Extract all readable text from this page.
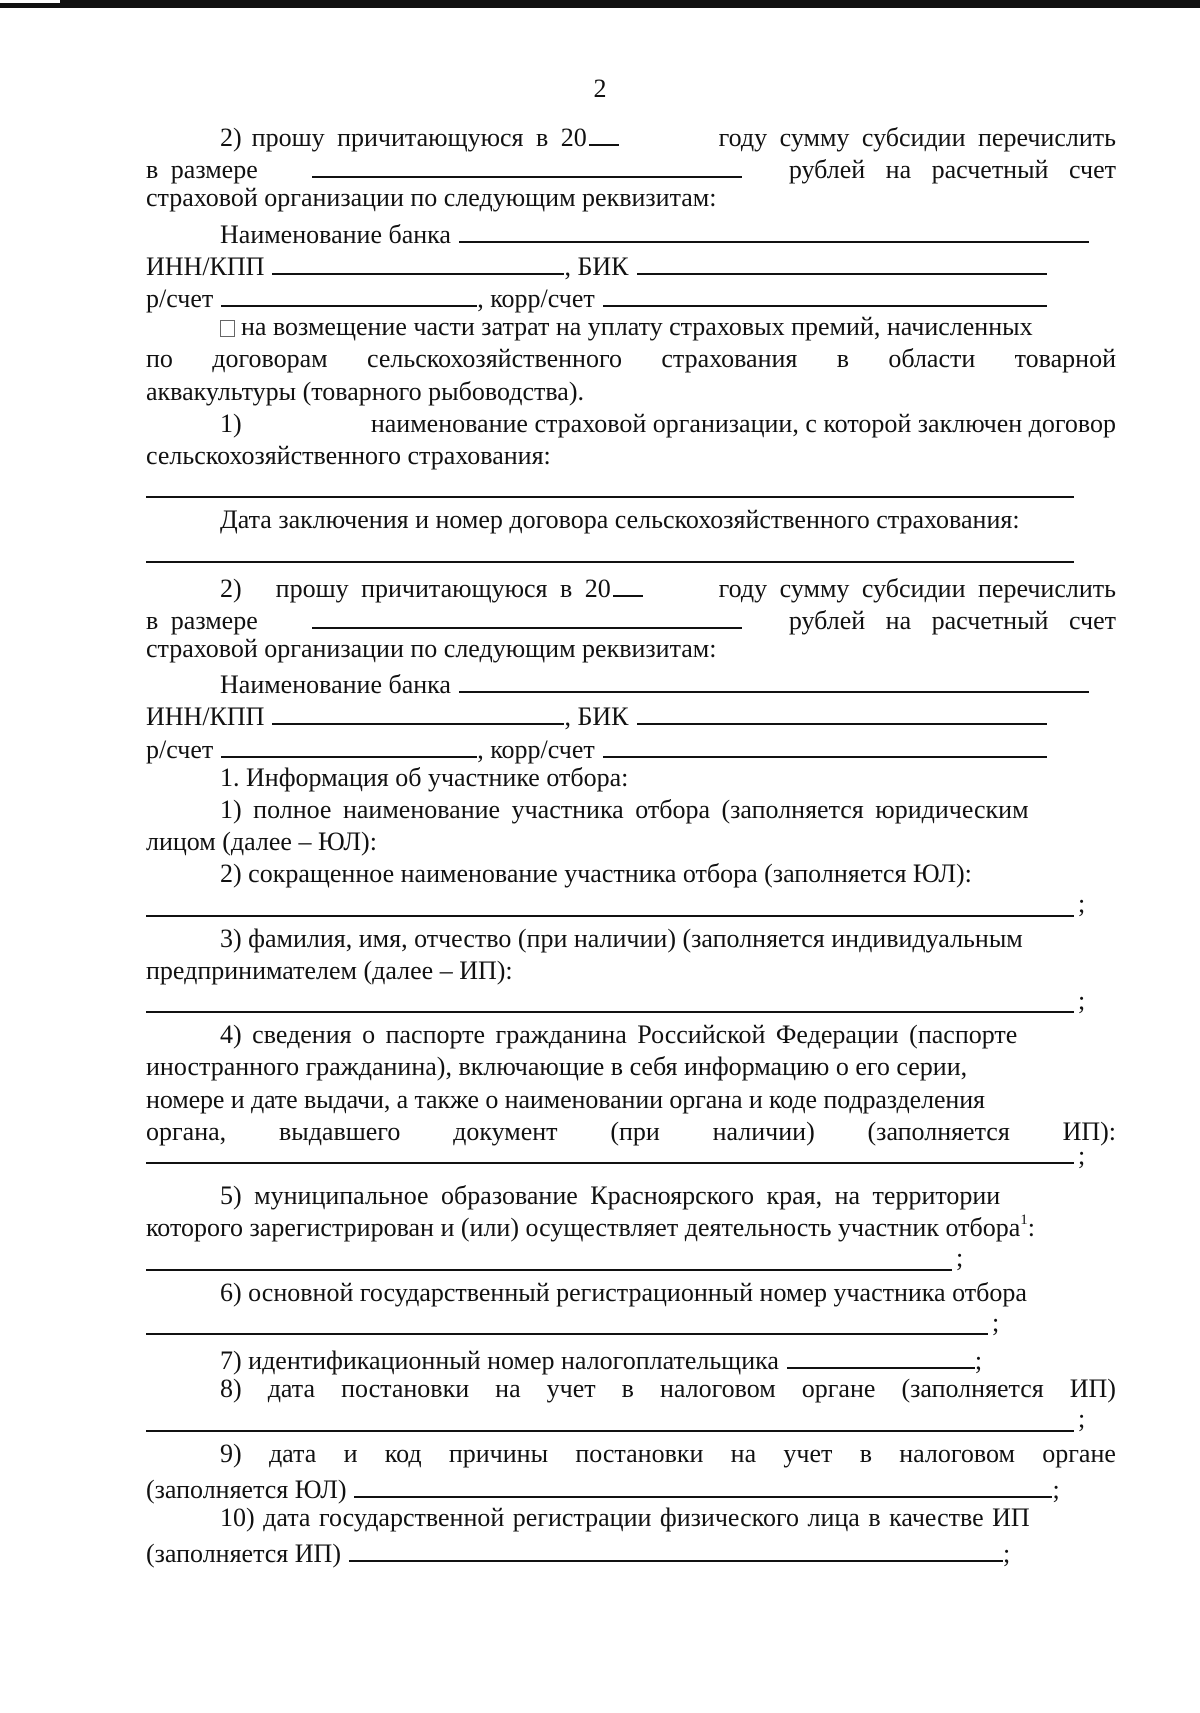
2
2) прошу причитающуюся в 20	году сумму субсидии перечислить
в размере	рублей на расчетный счет
страховой организации по следующим реквизитам:
Наименование банка
ИНН/КПП	, БИК
р/счет	, корр/счет
на возмещение части затрат на уплату страховых премий, начисленных
по договорам сельскохозяйственного страхования в области товарной
аквакультуры (товарного рыбоводства).
1)	наименование страховой организации, с которой заключен договор
сельскохозяйственного страхования:
Дата заключения и номер договора сельскохозяйственного страхования:
2) прошу причитающуюся в 20	году сумму субсидии перечислить
в размере	рублей на расчетный счет
страховой организации по следующим реквизитам:
Наименование банка
ИНН/КПП	, БИК
р/счет	, корр/счет
1. Информация об участнике отбора:
1) полное наименование участника отбора (заполняется юридическим
лицом (далее – ЮЛ):
2) сокращенное наименование участника отбора (заполняется ЮЛ):
;
3) фамилия, имя, отчество (при наличии) (заполняется индивидуальным
предпринимателем (далее – ИП):
;
4) сведения о паспорте гражданина Российской Федерации (паспорте
иностранного гражданина), включающие в себя информацию о его серии,
номере и дате выдачи, а также о наименовании органа и коде подразделения
органа, выдавшего документ (при наличии) (заполняется ИП):
;
5) муниципальное образование Красноярского края, на территории
которого зарегистрирован и (или) осуществляет деятельность участник отбора$^1$:
;
6) основной государственный регистрационный номер участника отбора
;
7) идентификационный номер налогоплательщика	;
8) дата постановки на учет в налоговом органе (заполняется ИП)
;
9) дата и код причины постановки на учет в налоговом органе
(заполняется ЮЛ)	;
10) дата государственной регистрации физического лица в качестве ИП
(заполняется ИП)	;
